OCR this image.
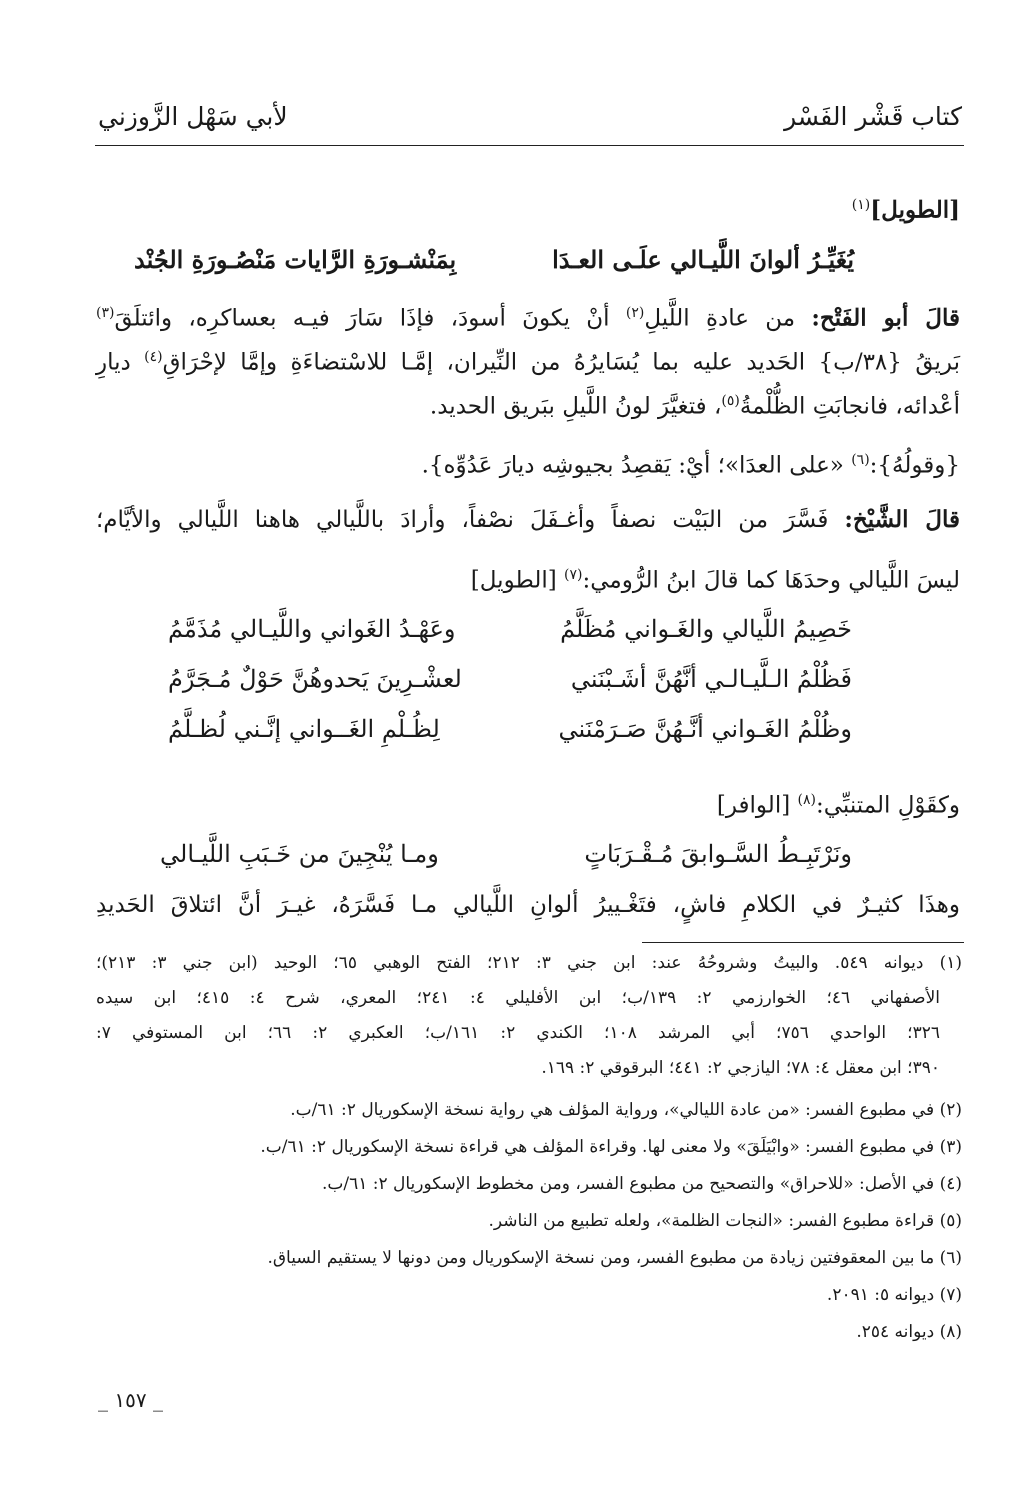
كتاب قَشْر الفَسْر
لأبي سَهْل الزَّوزني
[الطويل]$^{(١)}$
يُغَيِّـرُ ألوانَ اللَّيـالي علَـى العـدَا
بِمَنْشـورَةِ الرَّايات مَنْصُـورَةِ الجُنْد
قالَ أبو الفَتْح: من عادةِ اللَّيلِ$^{(٢)}$ أنْ يكونَ أسودَ، فإذَا سَارَ فيـه بعساكرِه، وائتلَقَ$^{(٣)}$
بَريقُ {٣٨/ب} الحَديد عليه بما يُسَايرُهُ من النِّيران، إمَّـا للاسْتضاءَةِ وإمَّا لإحْرَاقِ$^{(٤)}$ ديارِ
أعْدائه، فانجابَتِ الظُّلْمةُ$^{(٥)}$، فتغيَّرَ لونُ اللَّيلِ ببَريق الحديد.
{وقولُهُ}:$^{(٦)}$ «على العدَا»؛ أيْ: يَقصِدُ بجيوشِه ديارَ عَدُوِّه}.
قالَ الشَّيْخ: فَسَّرَ من البَيْت نصفاً وأغـفَلَ نصْفاً، وأرادَ باللَّيالي هاهنا اللَّيالي والأيَّام؛
ليسَ اللَّيالي وحدَهَا كما قالَ ابنُ الرُّومي:$^{(٧)}$ [الطويل]
خَصِيمُ اللَّيالي والغَـواني مُظَلَّمُ
وعَهْـدُ الغَواني واللَّيـالي مُذَمَّمُ
فَظُلْمُ الـلَّيـالـي أنَّهُنَّ أشَـبْنَني
لعشْـرِينَ يَحدوهُنَّ حَوْلٌ مُـجَرَّمُ
وظُلْمُ الغَـواني أنَّـهُنَّ صَـرَمْنَني
لِظُـلْمِ الغَــواني إنَّـني لُظـلَّمُ
وكقَوْلِ المتنبِّي:$^{(٨)}$ [الوافر]
ونَرْتَبِـطُ السَّـوابقَ مُـقْـرَبَاتٍ
ومـا يُنْجِينَ من خَـبَبِ اللَّيـالي
وهذَا كثيـرٌ في الكلامِ فاشٍ، فتَغْـييرُ ألوانِ اللَّيالي مـا فَسَّرَهُ، غيـرَ أنَّ ائتلاقَ الحَديدِ
(١) ديوانه ٥٤٩. والبيتُ وشروحُهُ عند: ابن جني ٣: ٢١٢؛ الفتح الوهبي ٦٥؛ الوحيد (ابن جني ٣: ٢١٣)؛
الأصفهاني ٤٦؛ الخوارزمي ٢: ١٣٩/ب؛ ابن الأفليلي ٤: ٢٤١؛ المعري، شرح ٤: ٤١٥؛ ابن سيده
٣٢٦؛ الواحدي ٧٥٦؛ أبي المرشد ١٠٨؛ الكندي ٢: ١٦١/ب؛ العكبري ٢: ٦٦؛ ابن المستوفي ٧:
٣٩٠؛ ابن معقل ٤: ٧٨؛ اليازجي ٢: ٤٤١؛ البرقوقي ٢: ١٦٩.
(٢) في مطبوع الفسر: «من عادة الليالي»، ورواية المؤلف هي رواية نسخة الإسكوريال ٢: ٦١/ب.
(٣) في مطبوع الفسر: «وابْيَلَقَ» ولا معنى لها. وقراءة المؤلف هي قراءة نسخة الإسكوريال ٢: ٦١/ب.
(٤) في الأصل: «للاحراق» والتصحيح من مطبوع الفسر، ومن مخطوط الإسكوريال ٢: ٦١/ب.
(٥) قراءة مطبوع الفسر: «النجات الظلمة»، ولعله تطبيع من الناشر.
(٦) ما بين المعقوفتين زيادة من مطبوع الفسر، ومن نسخة الإسكوريال ومن دونها لا يستقيم السياق.
(٧) ديوانه ٥: ٢٠٩١.
(٨) ديوانه ٢٥٤.
_ ١٥٧ _
